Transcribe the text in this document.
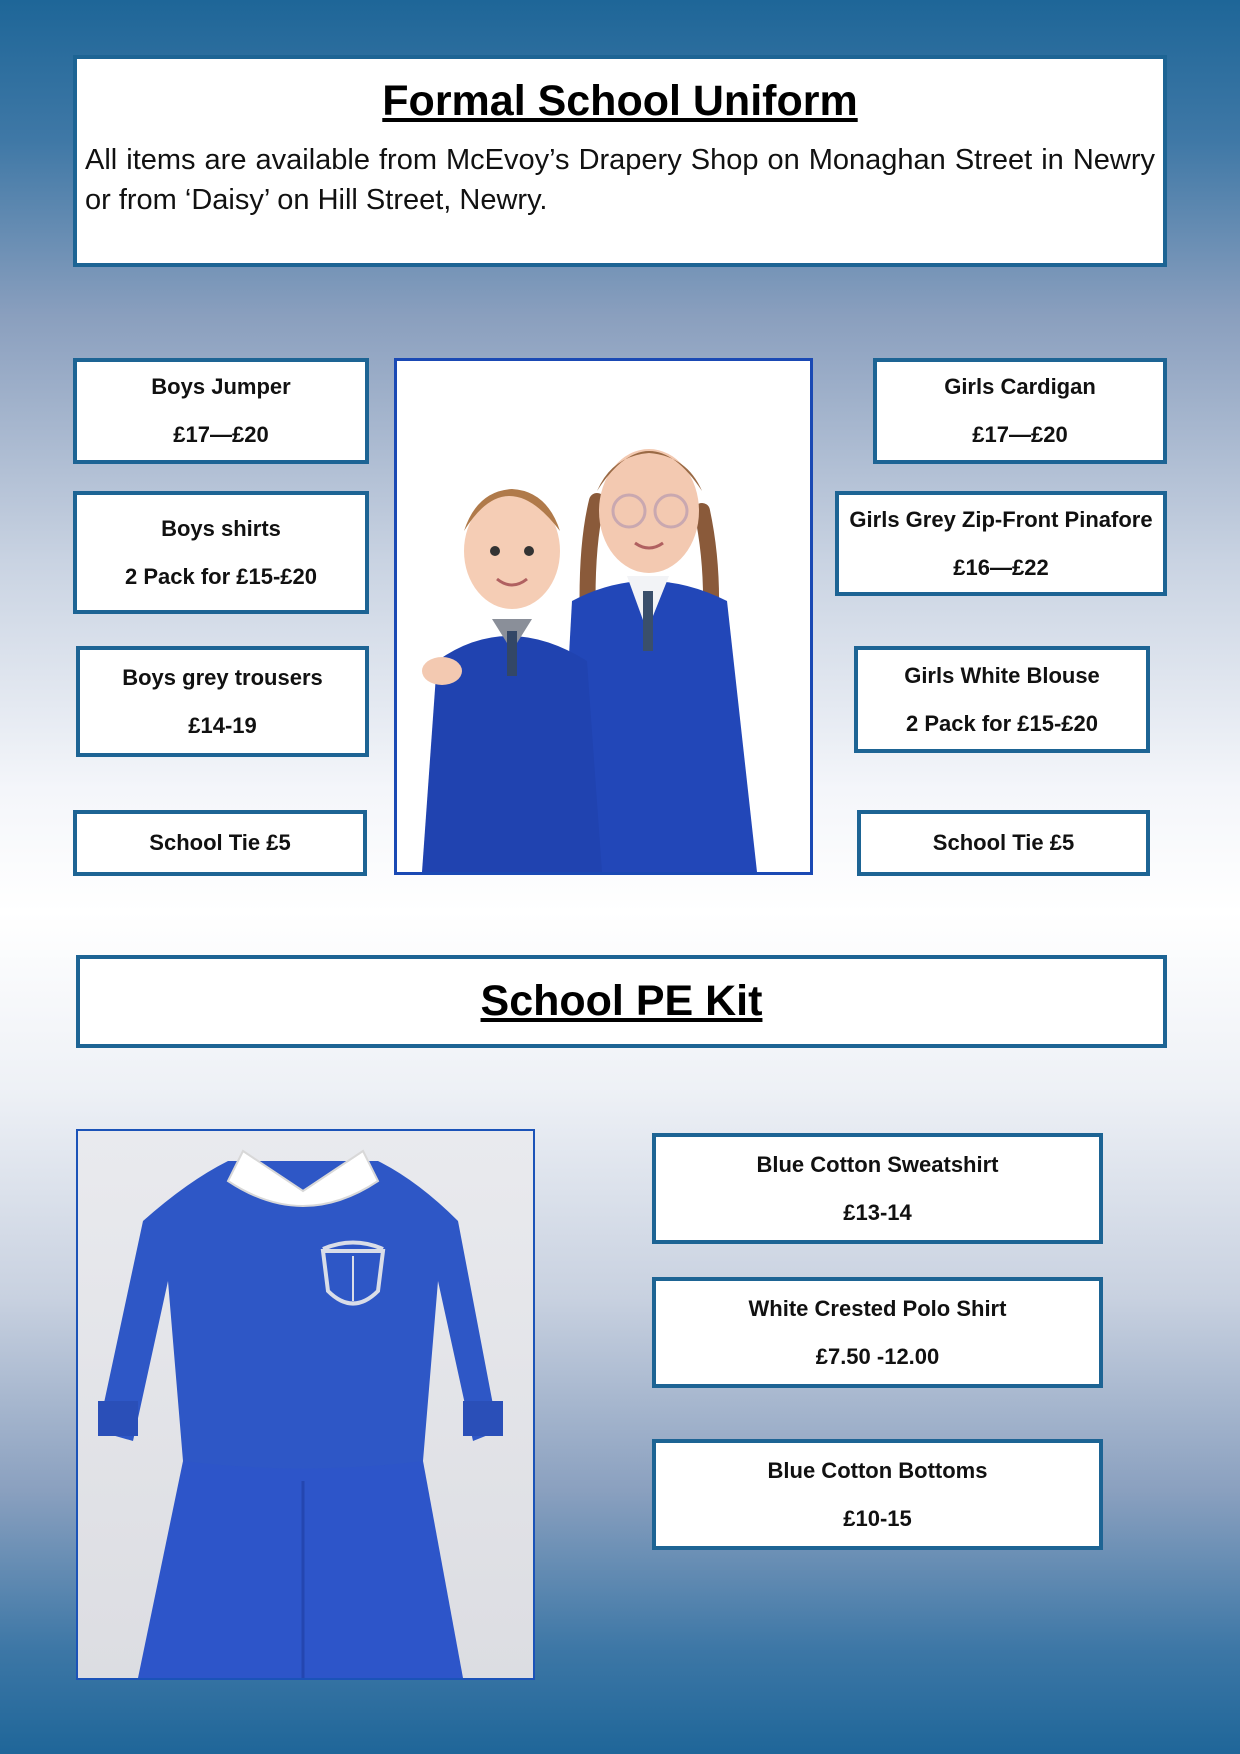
Formal School Uniform

All items are available from McEvoy’s Drapery Shop on Monaghan Street in Newry or from ‘Daisy’ on Hill Street, Newry.

Boys Jumper
£17—£20
Boys shirts
2 Pack for £15-£20
Boys grey trousers
£14-19
School Tie £5
Girls Cardigan
£17—£20
Girls Grey Zip-Front Pinafore
£16—£22
Girls White Blouse
2 Pack for £15-£20
School Tie £5
School PE Kit
Blue Cotton Sweatshirt
£13-14
White Crested Polo Shirt
£7.50 -12.00
Blue Cotton Bottoms
£10-15
